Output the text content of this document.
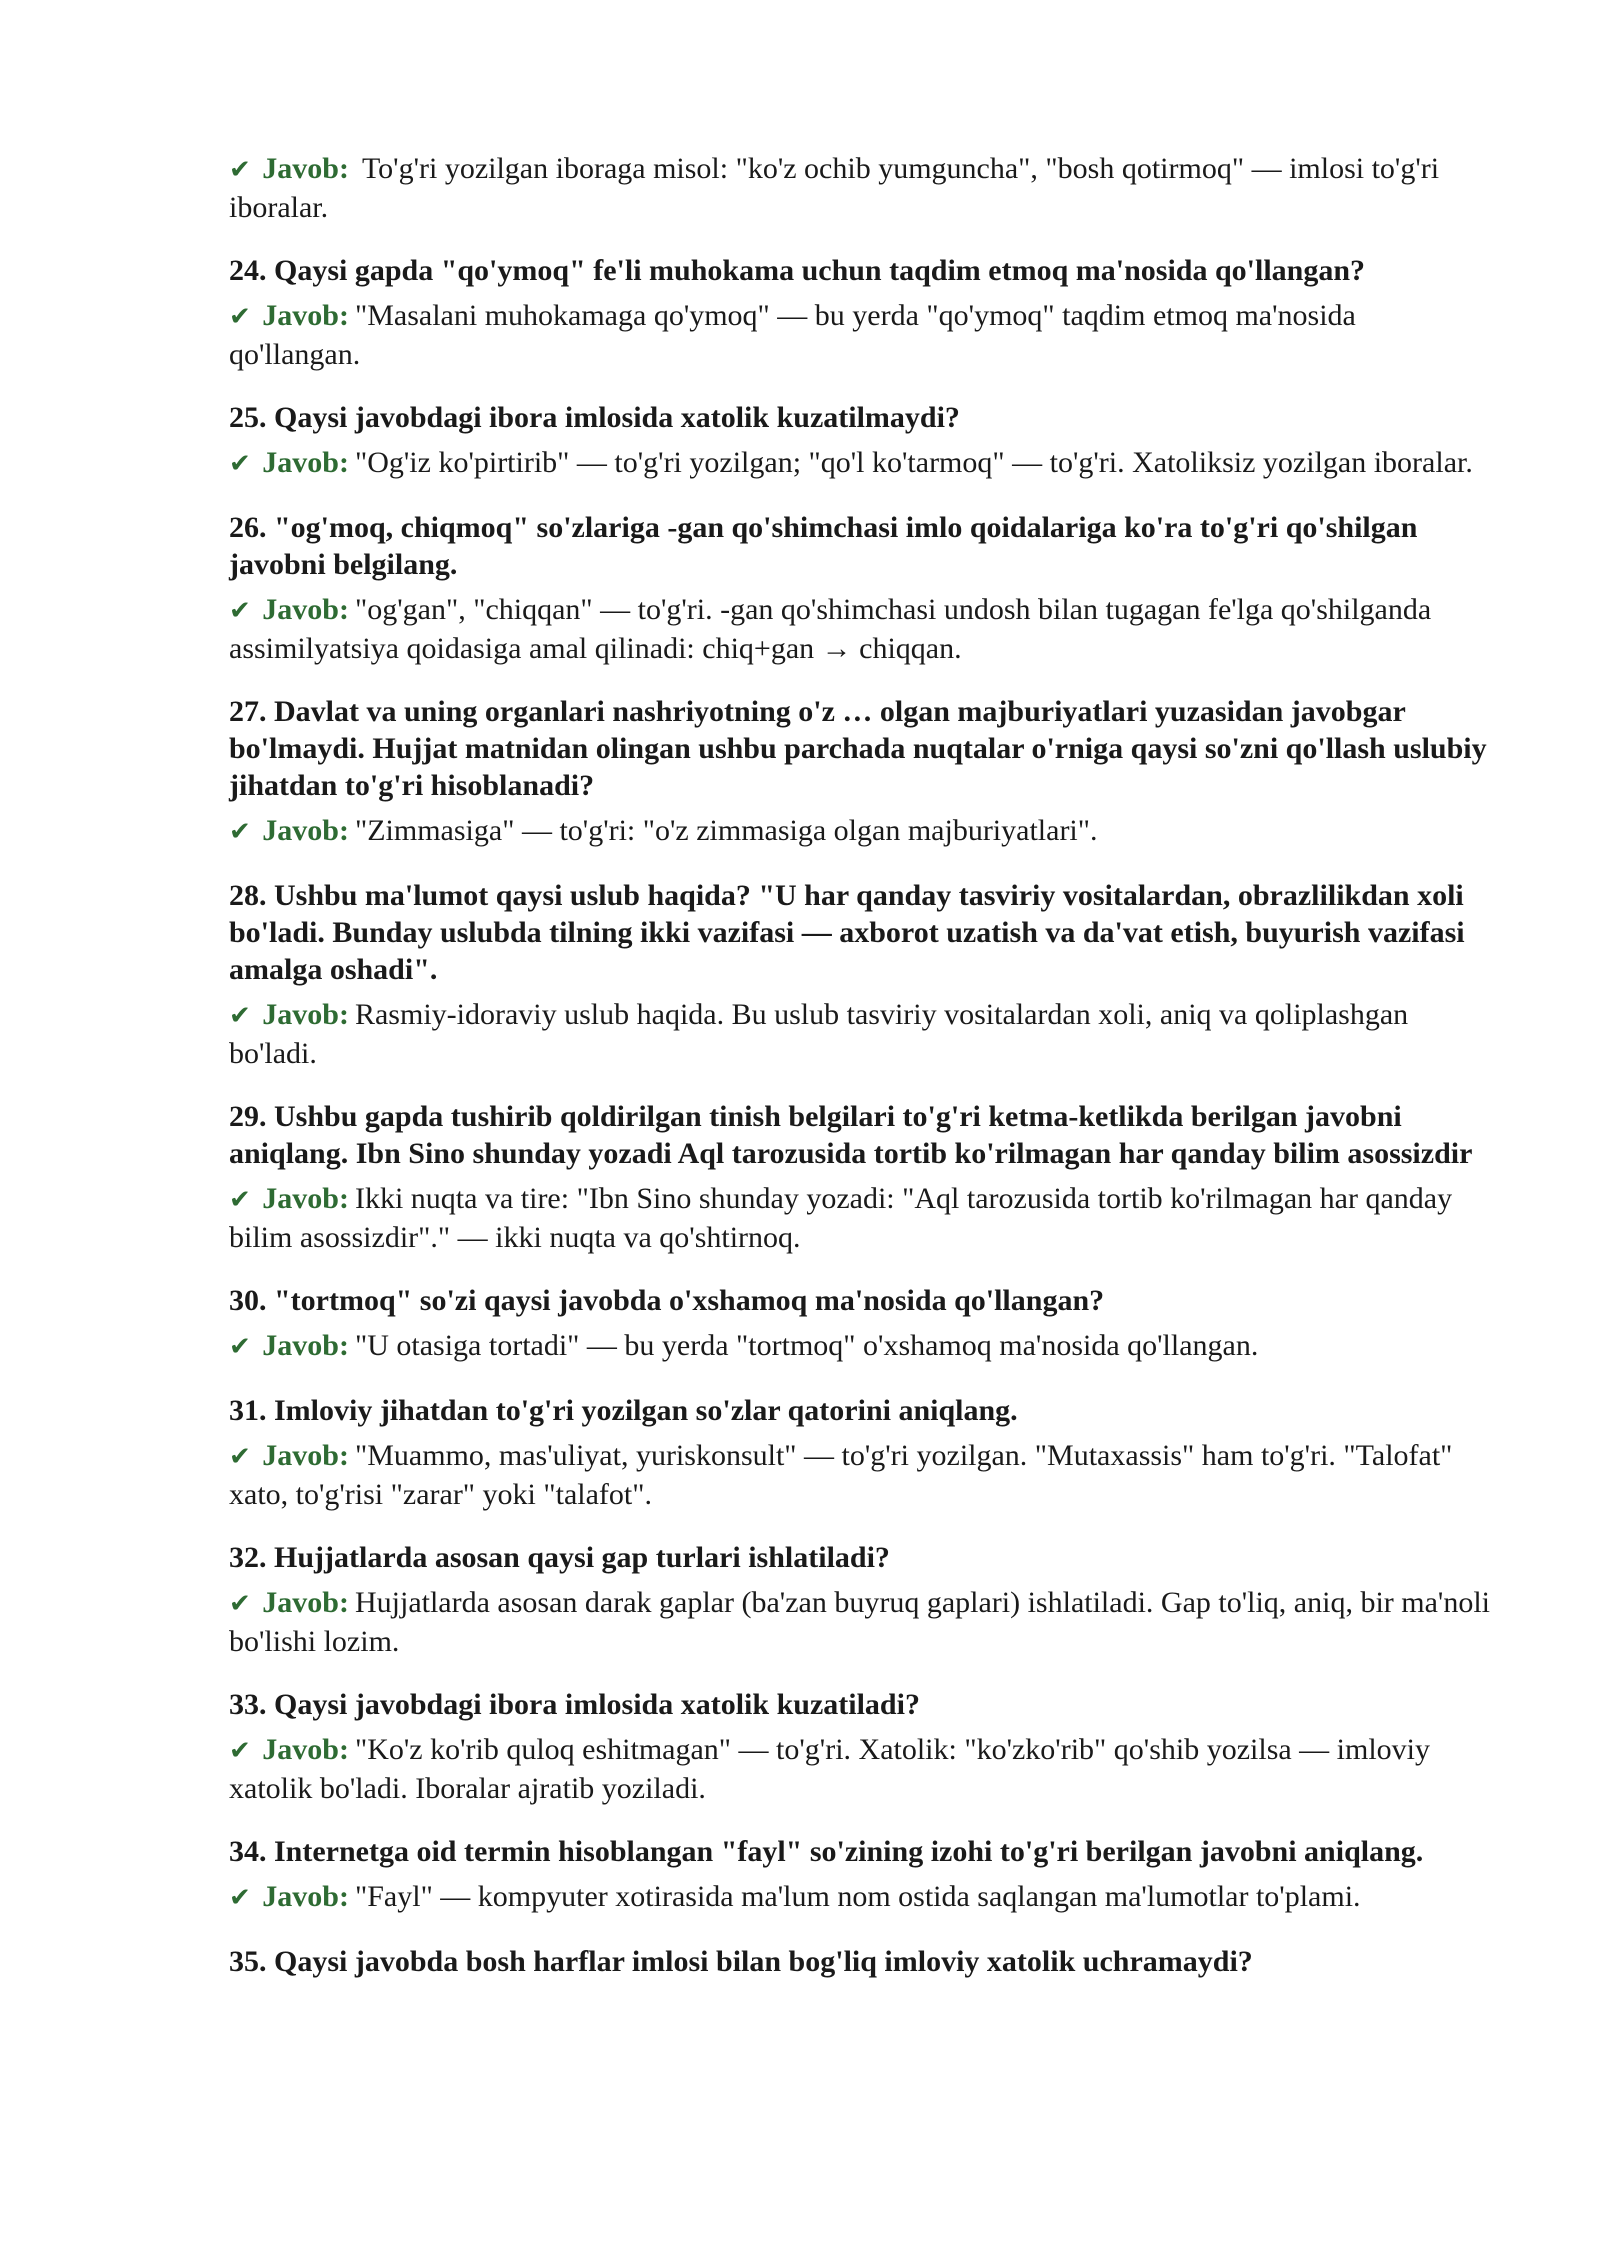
✔ Javob: To'g'ri yozilgan iboraga misol: "ko'z ochib yumguncha", "bosh qotirmoq" — imlosi to'g'ri iboralar.

24. Qaysi gapda "qo'ymoq" fe'li muhokama uchun taqdim etmoq ma'nosida qo'llangan?

✔ Javob: "Masalani muhokamaga qo'ymoq" — bu yerda "qo'ymoq" taqdim etmoq ma'nosida qo'llangan.

25. Qaysi javobdagi ibora imlosida xatolik kuzatilmaydi?

✔ Javob: "Og'iz ko'pirtirib" — to'g'ri yozilgan; "qo'l ko'tarmoq" — to'g'ri. Xatoliksiz yozilgan iboralar.

26. "og'moq, chiqmoq" so'zlariga -gan qo'shimchasi imlo qoidalariga ko'ra to'g'ri qo'shilgan javobni belgilang.

✔ Javob: "og'gan", "chiqqan" — to'g'ri. -gan qo'shimchasi undosh bilan tugagan fe'lga qo'shilganda assimilyatsiya qoidasiga amal qilinadi: chiq+gan → chiqqan.

27. Davlat va uning organlari nashriyotning o'z … olgan majburiyatlari yuzasidan javobgar bo'lmaydi. Hujjat matnidan olingan ushbu parchada nuqtalar o'rniga qaysi so'zni qo'llash uslubiy jihatdan to'g'ri hisoblanadi?

✔ Javob: "Zimmasiga" — to'g'ri: "o'z zimmasiga olgan majburiyatlari".

28. Ushbu ma'lumot qaysi uslub haqida? "U har qanday tasviriy vositalardan, obrazlilikdan xoli bo'ladi. Bunday uslubda tilning ikki vazifasi — axborot uzatish va da'vat etish, buyurish vazifasi amalga oshadi".

✔ Javob: Rasmiy-idoraviy uslub haqida. Bu uslub tasviriy vositalardan xoli, aniq va qoliplashgan bo'ladi.

29. Ushbu gapda tushirib qoldirilgan tinish belgilari to'g'ri ketma-ketlikda berilgan javobni aniqlang. Ibn Sino shunday yozadi Aql tarozusida tortib ko'rilmagan har qanday bilim asossizdir

✔ Javob: Ikki nuqta va tire: "Ibn Sino shunday yozadi: "Aql tarozusida tortib ko'rilmagan har qanday bilim asossizdir"." — ikki nuqta va qo'shtirnoq.

30. "tortmoq" so'zi qaysi javobda o'xshamoq ma'nosida qo'llangan?

✔ Javob: "U otasiga tortadi" — bu yerda "tortmoq" o'xshamoq ma'nosida qo'llangan.

31. Imloviy jihatdan to'g'ri yozilgan so'zlar qatorini aniqlang.

✔ Javob: "Muammo, mas'uliyat, yuriskonsult" — to'g'ri yozilgan. "Mutaxassis" ham to'g'ri. "Talofat" xato, to'g'risi "zarar" yoki "talafot".

32. Hujjatlarda asosan qaysi gap turlari ishlatiladi?

✔ Javob: Hujjatlarda asosan darak gaplar (ba'zan buyruq gaplari) ishlatiladi. Gap to'liq, aniq, bir ma'noli bo'lishi lozim.

33. Qaysi javobdagi ibora imlosida xatolik kuzatiladi?

✔ Javob: "Ko'z ko'rib quloq eshitmagan" — to'g'ri. Xatolik: "ko'zko'rib" qo'shib yozilsa — imloviy xatolik bo'ladi. Iboralar ajratib yoziladi.

34. Internetga oid termin hisoblangan "fayl" so'zining izohi to'g'ri berilgan javobni aniqlang.

✔ Javob: "Fayl" — kompyuter xotirasida ma'lum nom ostida saqlangan ma'lumotlar to'plami.

35. Qaysi javobda bosh harflar imlosi bilan bog'liq imloviy xatolik uchramaydi?
